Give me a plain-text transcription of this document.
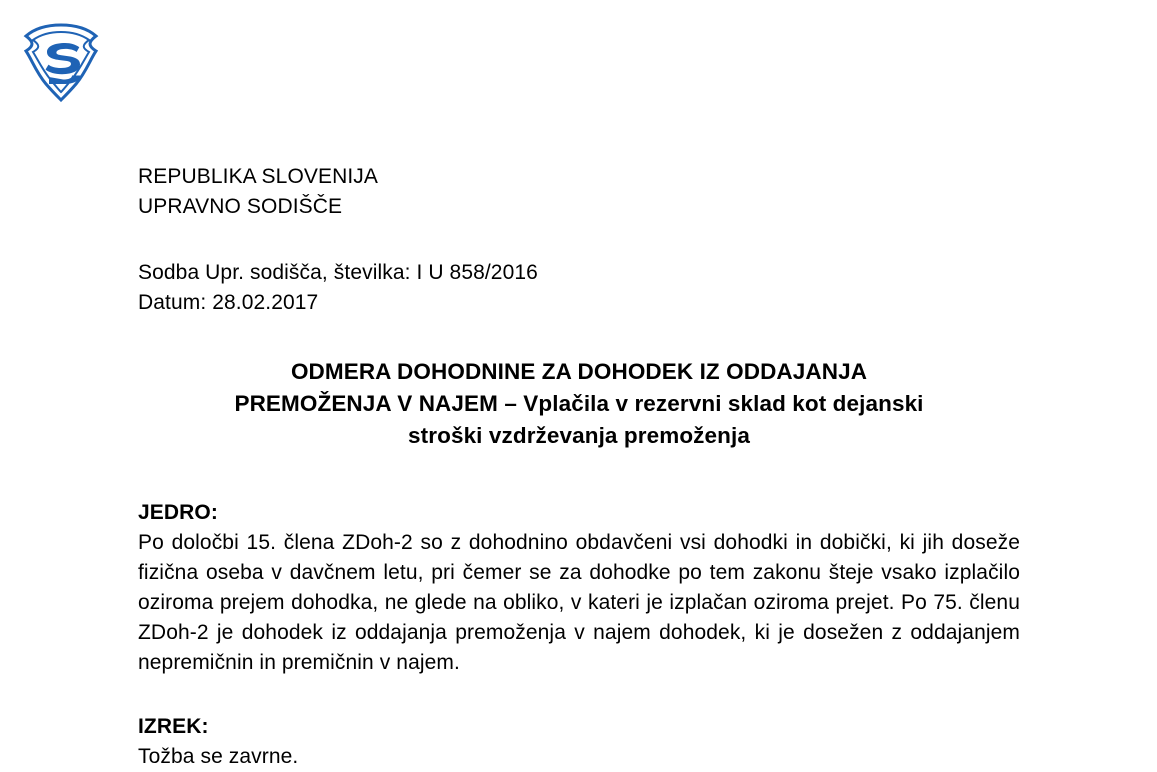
REPUBLIKA SLOVENIJA
UPRAVNO SODIŠČE
Sodba Upr. sodišča, številka: I U 858/2016
Datum: 28.02.2017
ODMERA DOHODNINE ZA DOHODEK IZ ODDAJANJA
PREMOŽENJA V NAJEM – Vplačila v rezervni sklad kot dejanski
stroški vzdrževanja premoženja
JEDRO:
Po določbi 15. člena ZDoh-2 so z dohodnino obdavčeni vsi dohodki in dobički, ki jih doseže fizična oseba v davčnem letu, pri čemer se za dohodke po tem zakonu šteje vsako izplačilo oziroma prejem dohodka, ne glede na obliko, v kateri je izplačan oziroma prejet. Po 75. členu ZDoh-2 je dohodek iz oddajanja premoženja v najem dohodek, ki je dosežen z oddajanjem nepremičnin in premičnin v najem.
IZREK:
Tožba se zavrne.
